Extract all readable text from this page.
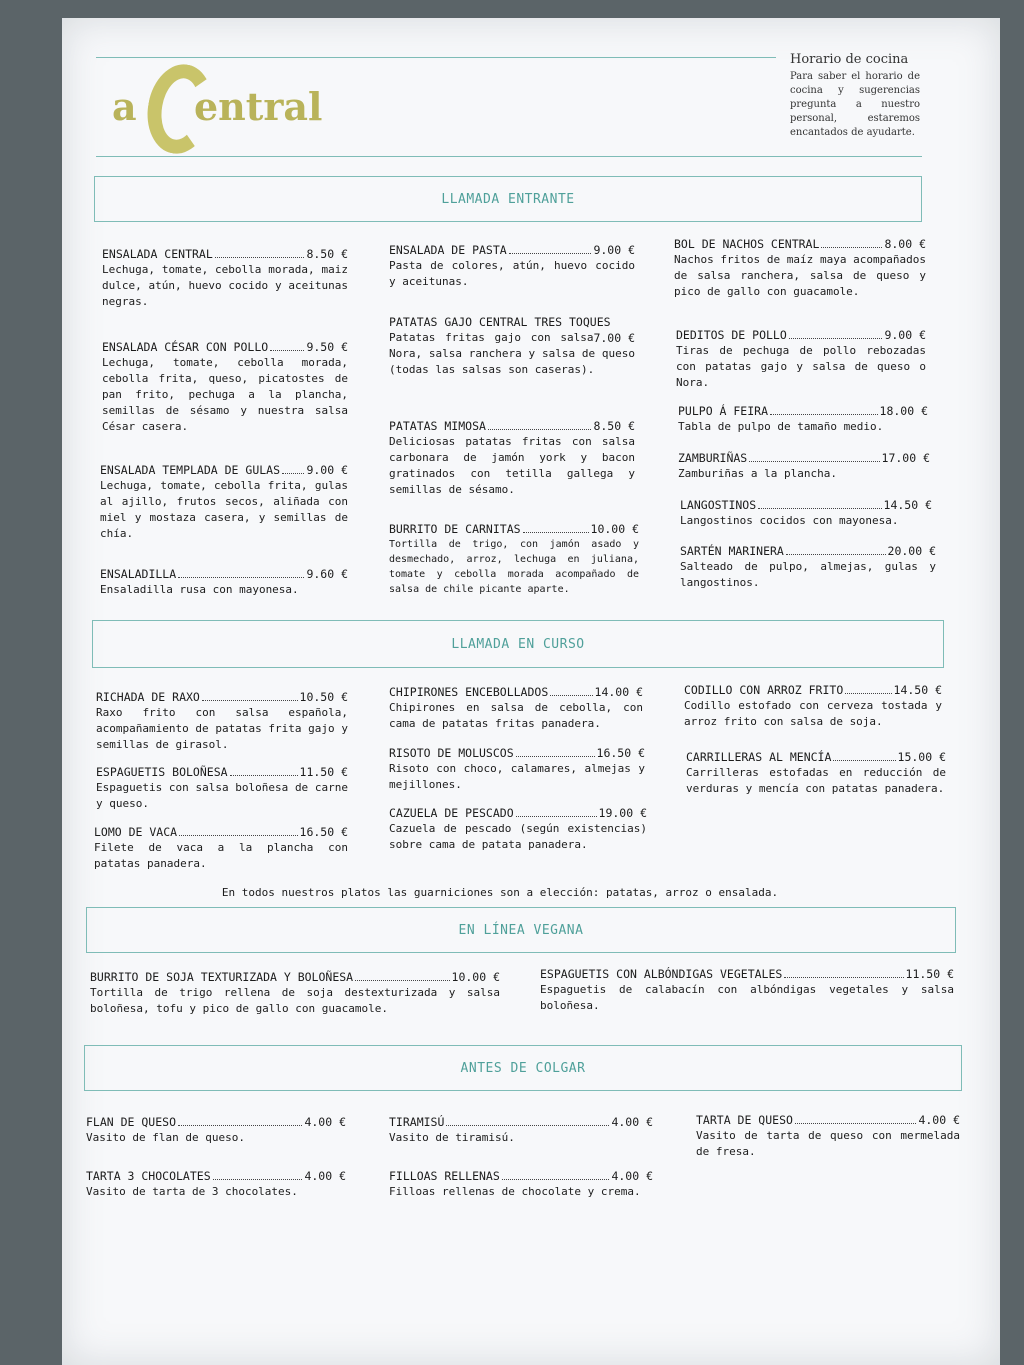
a entral
Horario de cocina
Para saber el horario de cocina y sugerencias pregunta a nuestro personal, estaremos encantados de ayudarte.
LLAMADA ENTRANTE
ENSALADA CENTRAL	8.50 €
Lechuga, tomate, cebolla morada, maiz dulce, atún, huevo cocido y aceitunas negras.
ENSALADA CÉSAR CON POLLO	9.50 €
Lechuga, tomate, cebolla morada, cebolla frita, queso, picatostes de pan frito, pechuga a la plancha, semillas de sésamo y nuestra salsa César casera.
ENSALADA TEMPLADA DE GULAS 9.00 €
Lechuga, tomate, cebolla frita, gulas al ajillo, frutos secos, aliñada con miel y mostaza casera, y semillas de chía.
ENSALADILLA	9.60 €
Ensaladilla rusa con mayonesa.
ENSALADA DE PASTA	9.00 €
Pasta de colores, atún, huevo cocido y aceitunas.
PATATAS GAJO CENTRAL TRES TOQUES
7.00 €
Patatas fritas gajo con salsa Nora, salsa ranchera y salsa de queso (todas las salsas son caseras).
PATATAS MIMOSA	8.50 €
Deliciosas patatas fritas con salsa carbonara de jamón york y bacon gratinados con tetilla gallega y semillas de sésamo.
BURRITO DE CARNITAS	10.00 €
Tortilla de trigo, con jamón asado y desmechado, arroz, lechuga en juliana, tomate y cebolla morada acompañado de salsa de chile picante aparte.
BOL DE NACHOS CENTRAL	8.00 €
Nachos fritos de maíz maya acompañados de salsa ranchera, salsa de queso y pico de gallo con guacamole.
DEDITOS DE POLLO	9.00 €
Tiras de pechuga de pollo rebozadas con patatas gajo y salsa de queso o Nora.
PULPO Á FEIRA	18.00 €
Tabla de pulpo de tamaño medio.
ZAMBURIÑAS	17.00 €
Zamburiñas a la plancha.
LANGOSTINOS	14.50 €
Langostinos cocidos con mayonesa.
SARTÉN MARINERA	20.00 €
Salteado de pulpo, almejas, gulas y langostinos.
LLAMADA EN CURSO
RICHADA DE RAXO	10.50 €
Raxo frito con salsa española, acompañamiento de patatas frita gajo y semillas de girasol.
ESPAGUETIS BOLOÑESA	11.50 €
Espaguetis con salsa boloñesa de carne y queso.
LOMO DE VACA	16.50 €
Filete de vaca a la plancha con patatas panadera.
CHIPIRONES ENCEBOLLADOS	14.00 €
Chipirones en salsa de cebolla, con cama de patatas fritas panadera.
RISOTO DE MOLUSCOS	16.50 €
Risoto con choco, calamares, almejas y mejillones.
CAZUELA DE PESCADO	19.00 €
Cazuela de pescado (según existencias) sobre cama de patata panadera.
CODILLO CON ARROZ FRITO	14.50 €
Codillo estofado con cerveza tostada y arroz frito con salsa de soja.
CARRILLERAS AL MENCÍA	15.00 €
Carrilleras estofadas en reducción de verduras y mencía con patatas panadera.
En todos nuestros platos las guarniciones son a elección: patatas, arroz o ensalada.
EN LÍNEA VEGANA
BURRITO DE SOJA TEXTURIZADA Y BOLOÑESA	10.00 €
Tortilla de trigo rellena de soja destexturizada y salsa boloñesa, tofu y pico de gallo con guacamole.
ESPAGUETIS CON ALBÓNDIGAS VEGETALES	11.50 €
Espaguetis de calabacín con albóndigas vegetales y salsa boloñesa.
ANTES DE COLGAR
FLAN DE QUESO	4.00 €
Vasito de flan de queso.
TARTA 3 CHOCOLATES	4.00 €
Vasito de tarta de 3 chocolates.
TIRAMISÚ	4.00 €
Vasito de tiramisú.
FILLOAS RELLENAS	4.00 €
Filloas rellenas de chocolate y crema.
TARTA DE QUESO	4.00 €
Vasito de tarta de queso con mermelada de fresa.
